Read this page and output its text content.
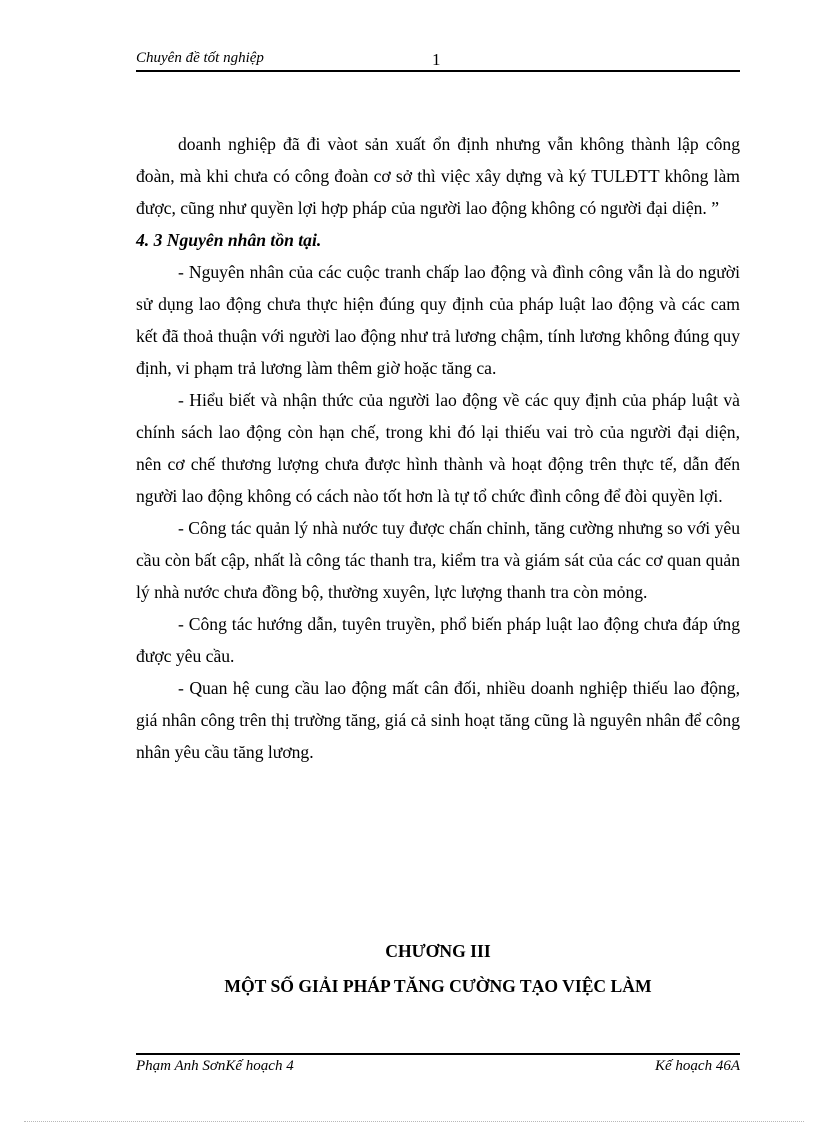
Chuyên đề tốt nghiệp	1

doanh nghiệp đã đi vàot sản xuất ổn định nhưng vẫn không thành lập công đoàn, mà khi chưa có công đoàn cơ sở thì việc xây dựng và ký TULĐTT không làm được, cũng như quyền lợi hợp pháp của người lao động không có người đại diện. ”

4. 3 Nguyên nhân tồn tại.

- Nguyên nhân của các cuộc tranh chấp lao động và đình công vẫn là do người sử dụng lao động chưa thực hiện đúng quy định của pháp luật lao động và các cam kết đã thoả thuận với người lao động như trả lương chậm, tính lương không đúng quy định, vi phạm trả lương làm thêm giờ hoặc tăng ca.

- Hiểu biết và nhận thức của người lao động về các quy định của pháp luật và chính sách lao động còn hạn chế, trong khi đó lại thiếu vai trò của người đại diện, nên cơ chế thương lượng chưa được hình thành và hoạt động trên thực tế, dẫn đến người lao động không có cách nào tốt hơn là tự tổ chức đình công để đòi quyền lợi.

- Công tác quản lý nhà nước tuy được chấn chỉnh, tăng cường nhưng so với yêu cầu còn bất cập, nhất là công tác thanh tra, kiểm tra và giám sát của các cơ quan quản lý nhà nước chưa đồng bộ, thường xuyên, lực lượng thanh tra còn mỏng.

- Công tác hướng dẫn, tuyên truyền, phổ biến pháp luật lao động chưa đáp ứng được yêu cầu.

- Quan hệ cung cầu lao động mất cân đối, nhiều doanh nghiệp thiếu lao động, giá nhân công trên thị trường tăng, giá cả sinh hoạt tăng cũng là nguyên nhân để công nhân yêu cầu tăng lương.

CHƯƠNG III
MỘT SỐ GIẢI PHÁP TĂNG CƯỜNG TẠO VIỆC LÀM
Phạm Anh SơnKế hoạch 4	Kế hoạch 46A
